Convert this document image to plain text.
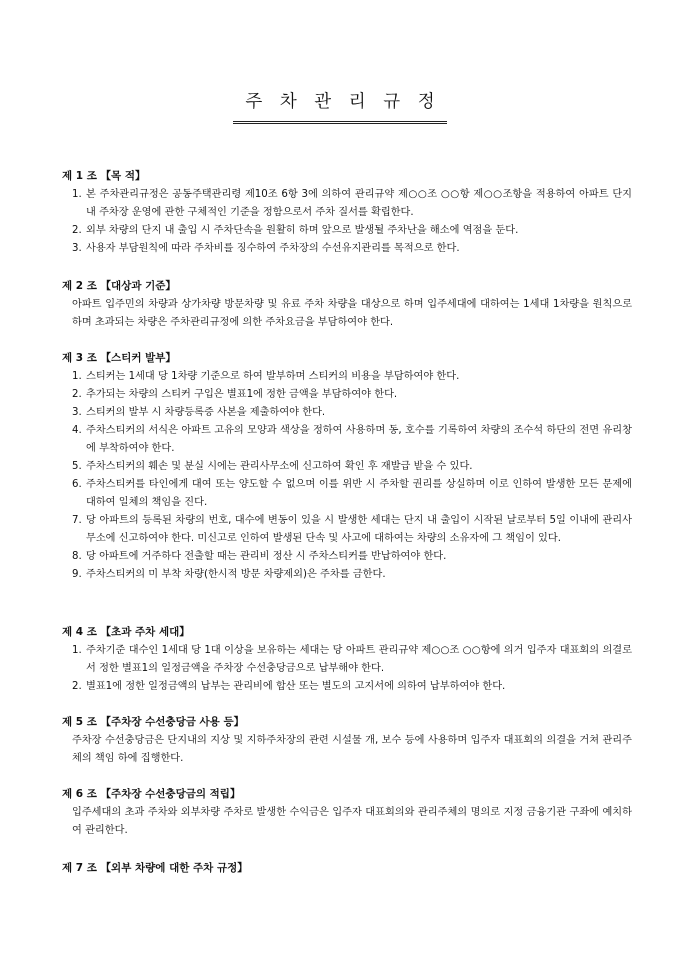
주 차 관 리 규 정
제 1 조 【목 적】
1. 본 주차관리규정은 공동주택관리령 제10조 6항 3에 의하여 관리규약 제○○조 ○○항 제○○조항을 적용하여 아파트 단지 내 주차장 운영에 관한 구체적인 기준을 정함으로서 주차 질서를 확립한다.
2. 외부 차량의 단지 내 출입 시 주차단속을 원활히 하며 앞으로 발생될 주차난을 해소에 역점을 둔다.
3. 사용자 부담원칙에 따라 주차비를 징수하여 주차장의 수선유지관리를 목적으로 한다.
제 2 조 【대상과 기준】
아파트 입주민의 차량과 상가차량 방문차량 및 유료 주차 차량을 대상으로 하며 입주세대에 대하여는 1세대 1차량을 원칙으로 하며 초과되는 차량은 주차관리규정에 의한 주차요금을 부담하여야 한다.
제 3 조 【스티커 발부】
1. 스티커는 1세대 당 1차량 기준으로 하여 발부하며 스티커의 비용을 부담하여야 한다.
2. 추가되는 차량의 스티커 구입은 별표1에 정한 금액을 부담하여야 한다.
3. 스티커의 발부 시 차량등록증 사본을 제출하여야 한다.
4. 주차스티커의 서식은 아파트 고유의 모양과 색상을 정하여 사용하며 동, 호수를 기록하여 차량의 조수석 하단의 전면 유리창에 부착하여야 한다.
5. 주차스티커의 훼손 및 분실 시에는 관리사무소에 신고하여 확인 후 재발급 받을 수 있다.
6. 주차스티커를 타인에게 대여 또는 양도할 수 없으며 이를 위반 시 주차할 권리를 상실하며 이로 인하여 발생한 모든 문제에 대하여 일체의 책임을 진다.
7. 당 아파트의 등록된 차량의 번호, 대수에 변동이 있을 시 발생한 세대는 단지 내 출입이 시작된 날로부터 5일 이내에 관리사무소에 신고하여야 한다. 미신고로 인하여 발생된 단속 및 사고에 대하여는 차량의 소유자에 그 책임이 있다.
8. 당 아파트에 거주하다 전출할 때는 관리비 정산 시 주차스티커를 반납하여야 한다.
9. 주차스티커의 미 부착 차량(한시적 방문 차량제외)은 주차를 금한다.
제 4 조 【초과 주차 세대】
1. 주차기준 대수인 1세대 당 1대 이상을 보유하는 세대는 당 아파트 관리규약 제○○조 ○○항에 의거 입주자 대표회의 의결로서 정한 별표1의 일정금액을 주차장 수선충당금으로 납부해야 한다.
2. 별표1에 정한 일정금액의 납부는 관리비에 합산 또는 별도의 고지서에 의하여 납부하여야 한다.
제 5 조 【주차장 수선충당금 사용 등】
주차장 수선충당금은 단지내의 지상 및 지하주차장의 관련 시설물 개, 보수 등에 사용하며 입주자 대표회의 의결을 거쳐 관리주체의 책임 하에 집행한다.
제 6 조 【주차장 수선충당금의 적립】
입주세대의 초과 주차와 외부차량 주차로 발생한 수익금은 입주자 대표회의와 관리주체의 명의로 지정 금융기관 구좌에 예치하여 관리한다.
제 7 조 【외부 차량에 대한 주차 규정】
